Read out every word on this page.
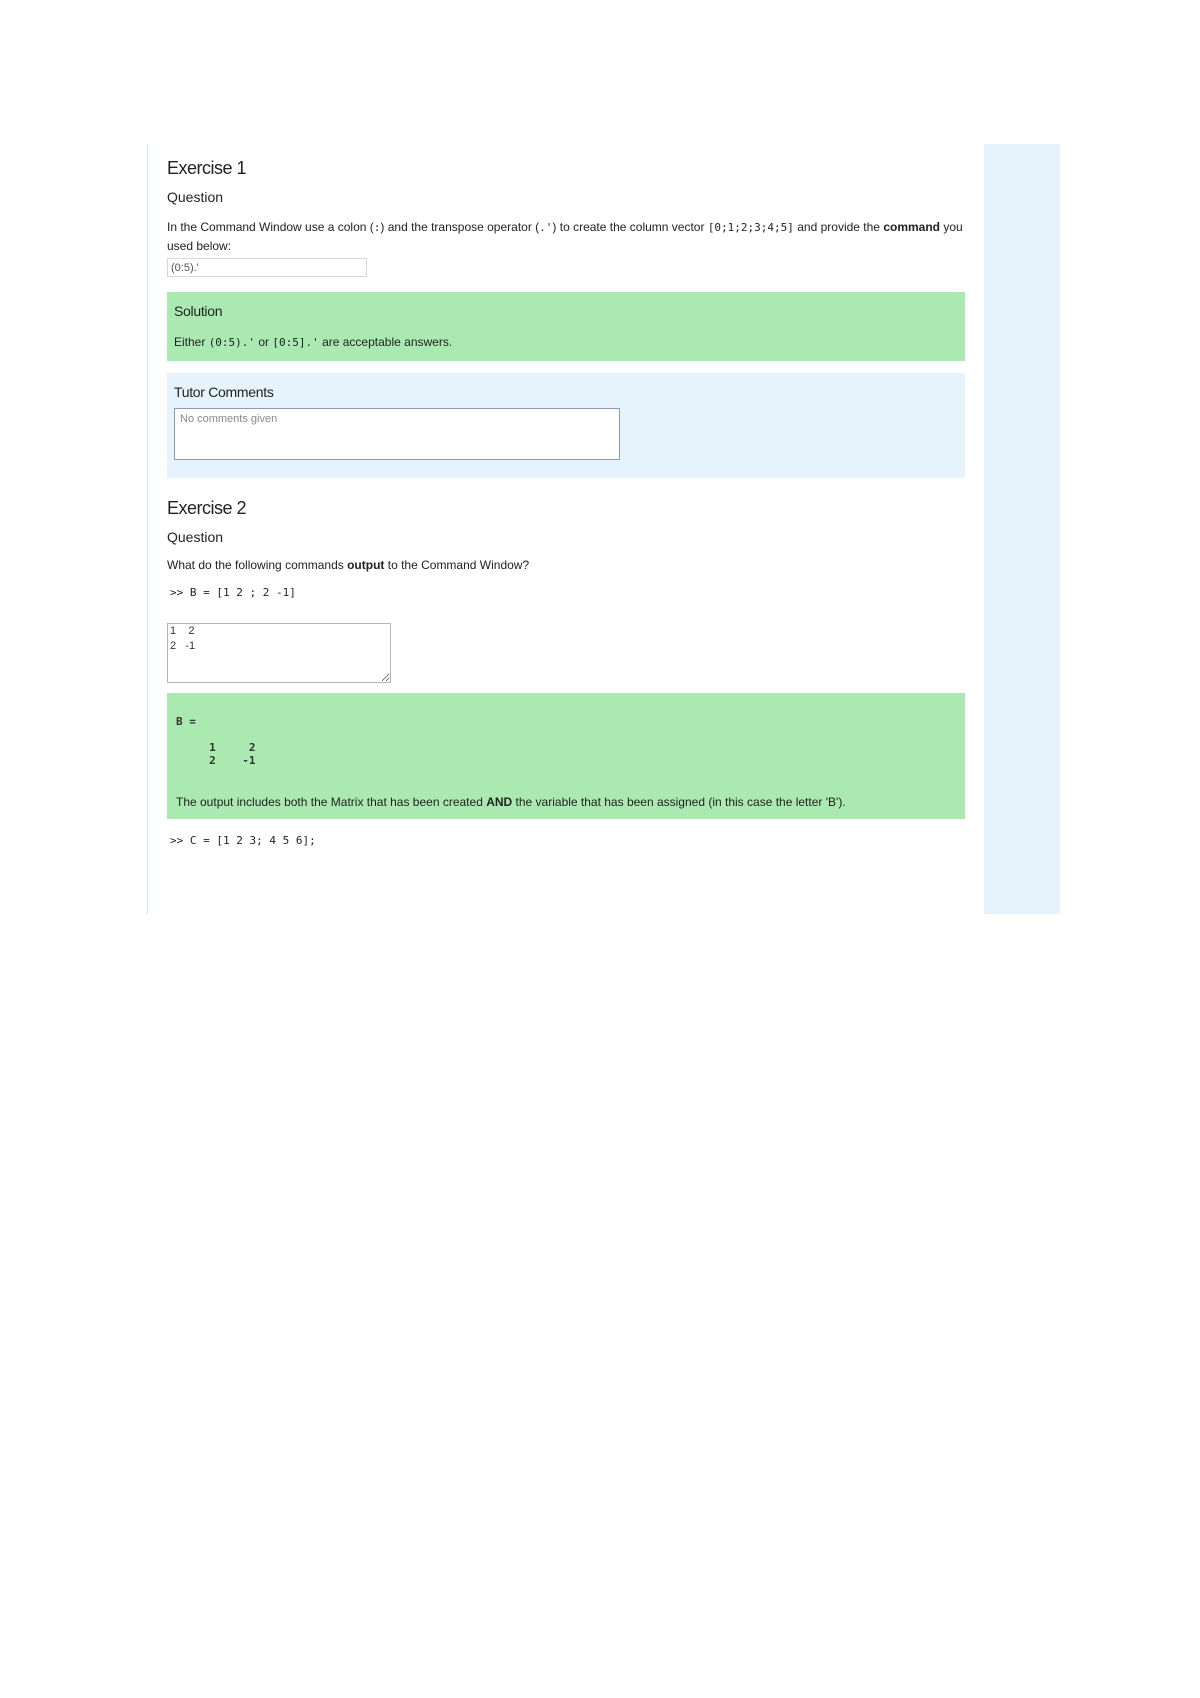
Exercise 1
Question

In the Command Window use a colon (:) and the transpose operator (.') to create the column vector [0;1;2;3;4;5] and provide the command you used below:

(0:5).'
Solution
Either (0:5).' or [0:5].' are acceptable answers.
Tutor Comments
No comments given
Exercise 2
Question

What do the following commands output to the Command Window?

>> B = [1 2 ; 2 -1]
1    2
2   -1
B =
1     2
2    -1
The output includes both the Matrix that has been created AND the variable that has been assigned (in this case the letter 'B').
>> C = [1 2 3; 4 5 6];
